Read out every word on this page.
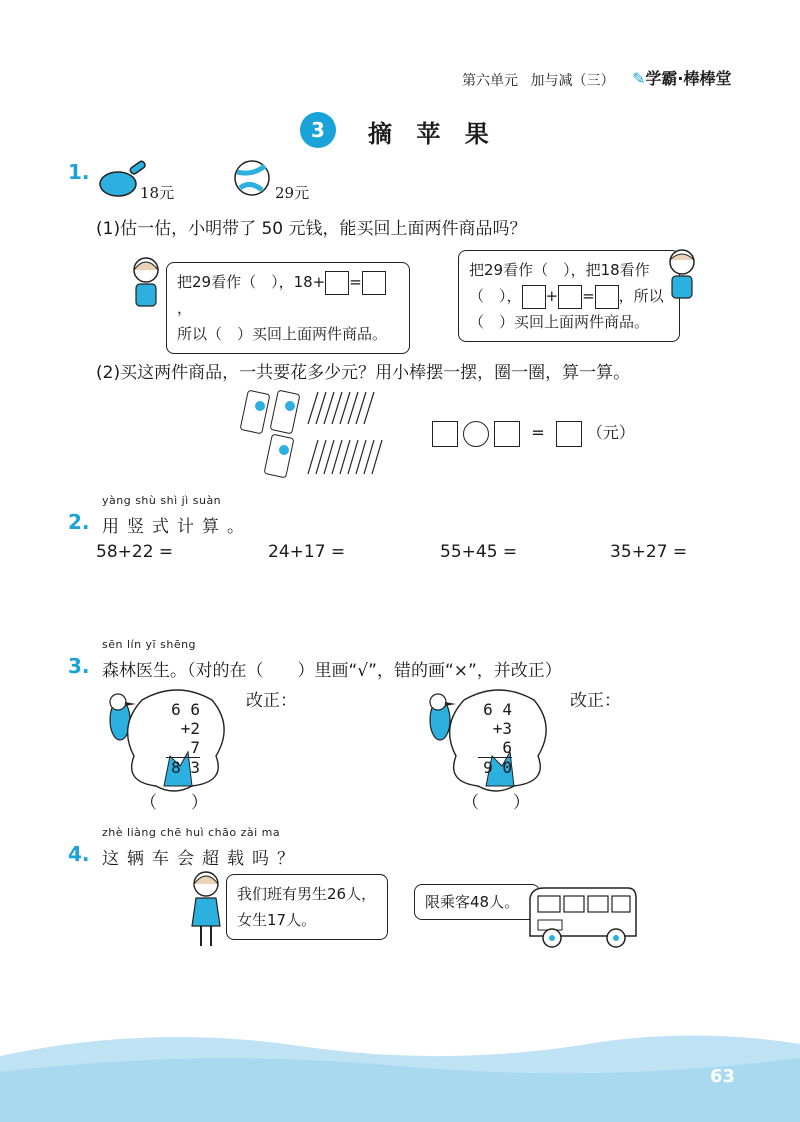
第六单元 加与减（三） ✎学霸·棒棒堂
3	摘 苹 果
1.
18元	29元
(1)估一估，小明带了 50 元钱，能买回上面两件商品吗？
把29看作（　），18+ =，
所以（　）买回上面两件商品。
把29看作（　），把18看作
（　）， + = ，所以
（　）买回上面两件商品。
(2)买这两件商品，一共要花多少元？用小棒摆一摆，圈一圈，算一算。
=	（元）
yàng shù shì jì suàn
2. 用竖式计算。
58+22 =	24+17 =	55+45 =	35+27 =
sēn lín yī shēng
3. 森林医生。（对的在（　　）里画“√”，错的画“×”，并改正）
6 6
+2 7
8 3
（　　）
改正：	6 4
+3 6
9 0
（　　）
改正：
zhè liàng chē huì chāo zài ma
4. 这辆车会超载吗？
我们班有男生26人，
女生17人。
限乘客48人。
63
